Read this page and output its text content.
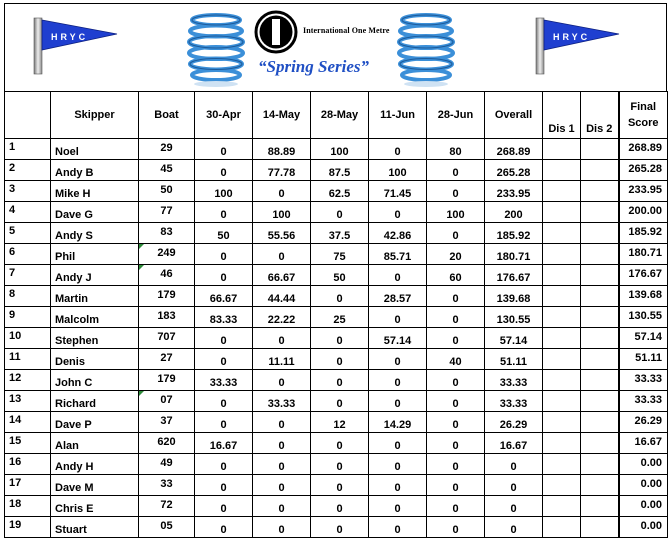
HRYC
International One Metre
“Spring Series”
HRYC
	Skipper	Boat	30-Apr	14-May	28-May	11-Jun	28-Jun	Overall	Dis 1	Dis 2	Final
Score
1	Noel	29	0	88.89	100	0	80	268.89			268.89
2	Andy B	45	0	77.78	87.5	100	0	265.28			265.28
3	Mike H	50	100	0	62.5	71.45	0	233.95			233.95
4	Dave G	77	0	100	0	0	100	200			200.00
5	Andy S	83	50	55.56	37.5	42.86	0	185.92			185.92
6	Phil	249	0	0	75	85.71	20	180.71			180.71
7	Andy J	46	0	66.67	50	0	60	176.67			176.67
8	Martin	179	66.67	44.44	0	28.57	0	139.68			139.68
9	Malcolm	183	83.33	22.22	25	0	0	130.55			130.55
10	Stephen	707	0	0	0	57.14	0	57.14			57.14
11	Denis	27	0	11.11	0	0	40	51.11			51.11
12	John C	179	33.33	0	0	0	0	33.33			33.33
13	Richard	07	0	33.33	0	0	0	33.33			33.33
14	Dave P	37	0	0	12	14.29	0	26.29			26.29
15	Alan	620	16.67	0	0	0	0	16.67			16.67
16	Andy H	49	0	0	0	0	0	0			0.00
17	Dave M	33	0	0	0	0	0	0			0.00
18	Chris E	72	0	0	0	0	0	0			0.00
19	Stuart	05	0	0	0	0	0	0			0.00
